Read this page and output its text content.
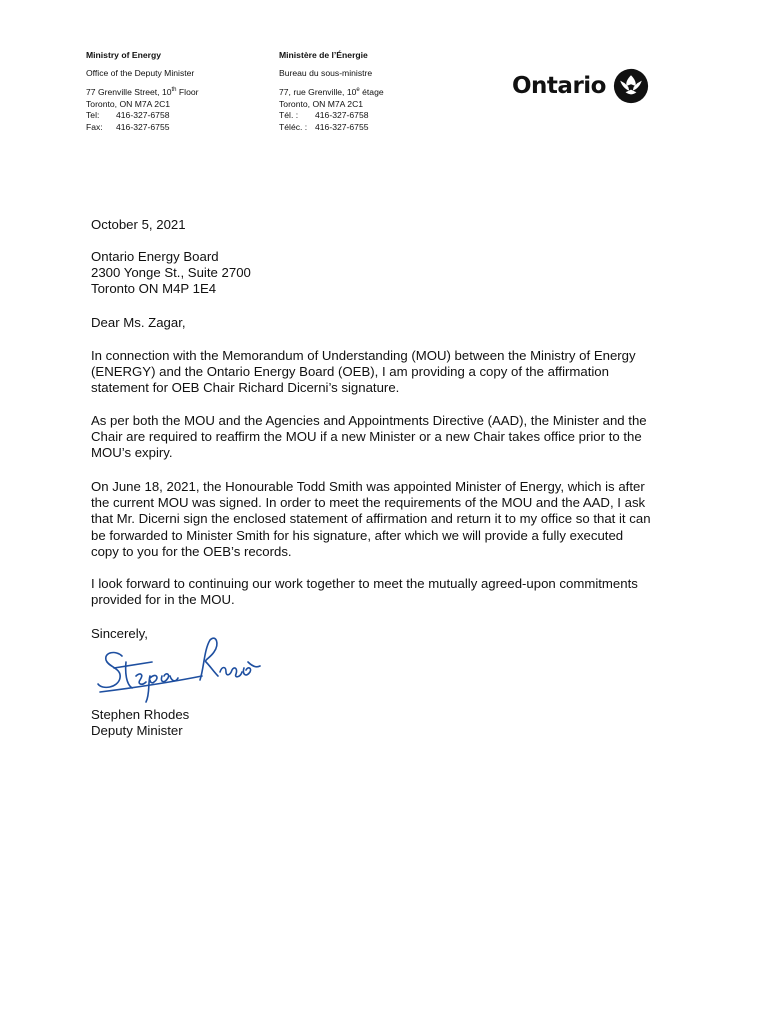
Ministry of Energy
Office of the Deputy Minister
77 Grenville Street, 10th Floor
Toronto, ON M7A 2C1
Tel: 416-327-6758
Fax: 416-327-6755
Ministère de l’Énergie
Bureau du sous-ministre
77, rue Grenville, 10e étage
Toronto, ON M7A 2C1
Tél. : 416-327-6758
Téléc. : 416-327-6755
Ontario
October 5, 2021

Ontario Energy Board

2300 Yonge St., Suite 2700

Toronto ON M4P 1E4

Dear Ms. Zagar,

In connection with the Memorandum of Understanding (MOU) between the Ministry of Energy

(ENERGY) and the Ontario Energy Board (OEB), I am providing a copy of the affirmation

statement for OEB Chair Richard Dicerni’s signature.

As per both the MOU and the Agencies and Appointments Directive (AAD), the Minister and the

Chair are required to reaffirm the MOU if a new Minister or a new Chair takes office prior to the

MOU’s expiry.

On June 18, 2021, the Honourable Todd Smith was appointed Minister of Energy, which is after

the current MOU was signed. In order to meet the requirements of the MOU and the AAD, I ask

that Mr. Dicerni sign the enclosed statement of affirmation and return it to my office so that it can

be forwarded to Minister Smith for his signature, after which we will provide a fully executed

copy to you for the OEB’s records.

I look forward to continuing our work together to meet the mutually agreed-upon commitments

provided for in the MOU.

Sincerely,

Stephen Rhodes

Deputy Minister
